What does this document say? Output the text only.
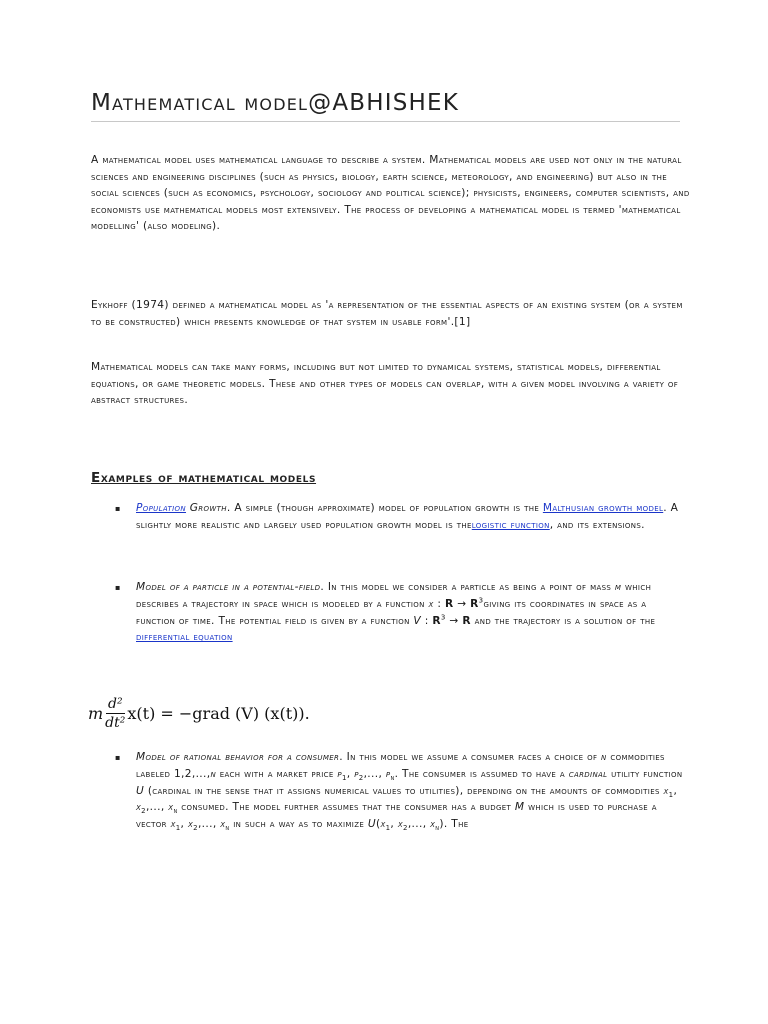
Mathematical model@ABHISHEK

A mathematical model uses mathematical language to describe a system. Mathematical models are used not only in the natural sciences and engineering disciplines (such as physics, biology, earth science, meteorology, and engineering) but also in the social sciences (such as economics, psychology, sociology and political science); physicists, engineers, computer scientists, and economists use mathematical models most extensively. The process of developing a mathematical model is termed 'mathematical modelling' (also modeling).

Eykhoff (1974) defined a mathematical model as 'a representation of the essential aspects of an existing system (or a system to be constructed) which presents knowledge of that system in usable form'.[1]

Mathematical models can take many forms, including but not limited to dynamical systems, statistical models, differential equations, or game theoretic models. These and other types of models can overlap, with a given model involving a variety of abstract structures.

Examples of mathematical models
▪ Population Growth. A simple (though approximate) model of population growth is the Malthusian growth model. A slightly more realistic and largely used population growth model is thelogistic function, and its extensions.

▪ Model of a particle in a potential-field. In this model we consider a particle as being a point of mass m which describes a trajectory in space which is modeled by a function x : $R \to R^3giving$ its coordinates in space as a function of time. The potential field is given by a function V : $R^3 \to R$ and the trajectory is a solution of the differential equation

m $\frac{\text{d²}}{\text{dt²}} x(t)$ = −grad (V) (x(t)).
▪ Model of rational behavior for a consumer. In this model we assume a consumer faces a choice of n commodities labeled 1,2,...,n each with a market price $p_1$, $p_2$,..., $p_n$. The consumer is assumed to have a cardinal utility function U (cardinal in the sense that it assigns numerical values to utilities), depending on the amounts of commodities $x_1$, $x_2$,..., $x_n$ consumed. The model further assumes that the consumer has a budget M which is used to purchase a vector $x_1$, $x_2$,..., $x_n$ in such a way as to maximize $U(x_1$, $x_2$,..., $x_n$). The
